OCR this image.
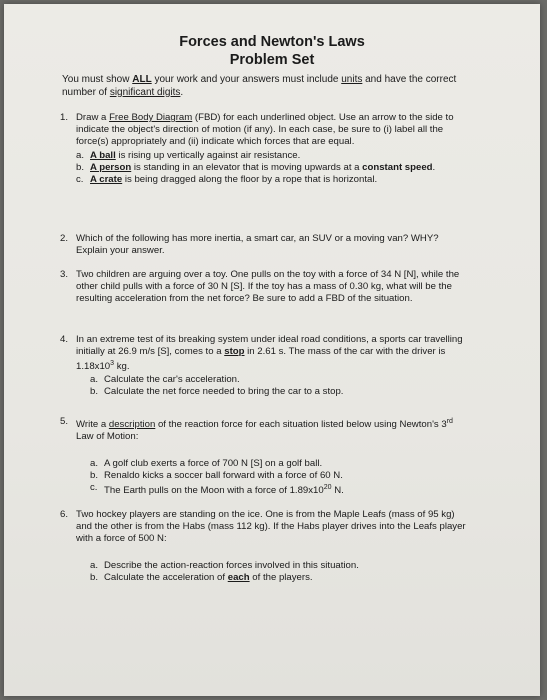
Forces and Newton's Laws
Problem Set
You must show ALL your work and your answers must include units and have the correct number of significant digits.
1. Draw a Free Body Diagram (FBD) for each underlined object. Use an arrow to the side to indicate the object's direction of motion (if any). In each case, be sure to (i) label all the force(s) appropriately and (ii) indicate which forces that are equal.
a. A ball is rising up vertically against air resistance.
b. A person is standing in an elevator that is moving upwards at a constant speed.
c. A crate is being dragged along the floor by a rope that is horizontal.
2. Which of the following has more inertia, a smart car, an SUV or a moving van? WHY? Explain your answer.
3. Two children are arguing over a toy. One pulls on the toy with a force of 34 N [N], while the other child pulls with a force of 30 N [S]. If the toy has a mass of 0.30 kg, what will be the resulting acceleration from the net force? Be sure to add a FBD of the situation.
4. In an extreme test of its breaking system under ideal road conditions, a sports car travelling initially at 26.9 m/s [S], comes to a stop in 2.61 s. The mass of the car with the driver is $1.18x10^3$ kg.
a. Calculate the car's acceleration.
b. Calculate the net force needed to bring the car to a stop.
5. Write a description of the reaction force for each situation listed below using Newton's 3rd Law of Motion:
a. A golf club exerts a force of 700 N [S] on a golf ball.
b. Renaldo kicks a soccer ball forward with a force of 60 N.
c. The Earth pulls on the Moon with a force of $1.89x10^{20}$ N.
6. Two hockey players are standing on the ice. One is from the Maple Leafs (mass of 95 kg) and the other is from the Habs (mass 112 kg). If the Habs player drives into the Leafs player with a force of 500 N:
a. Describe the action-reaction forces involved in this situation.
b. Calculate the acceleration of each of the players.
